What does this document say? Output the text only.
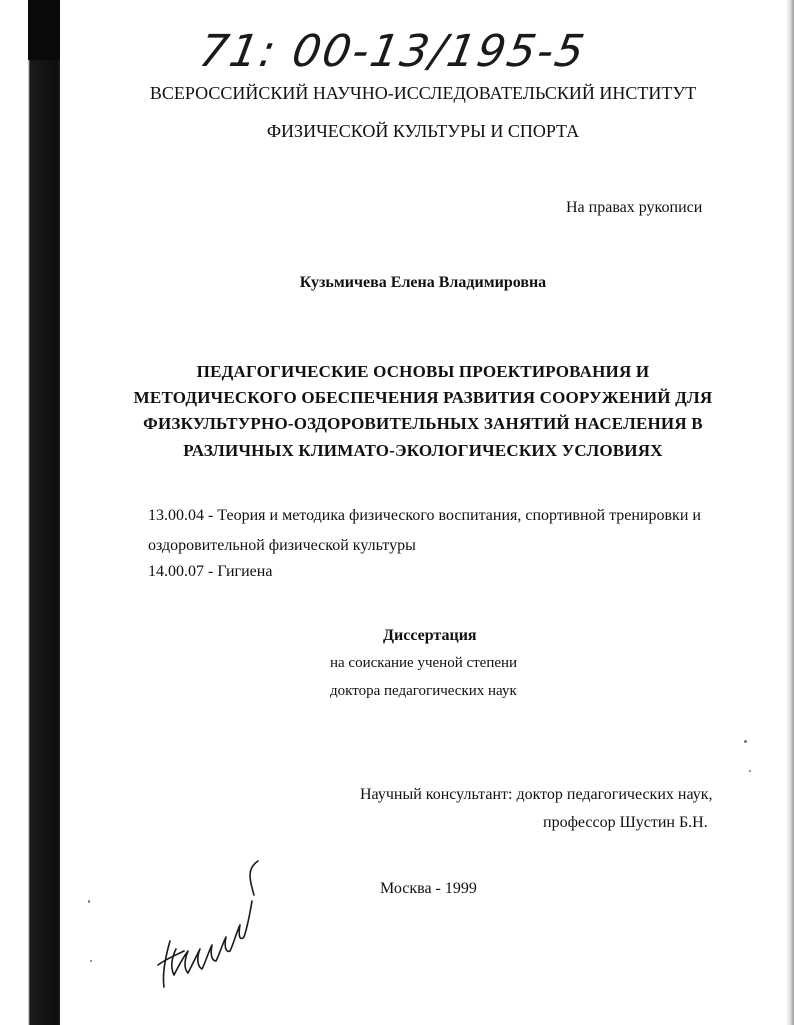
71: 00-13/195-5
ВСЕРОССИЙСКИЙ НАУЧНО-ИССЛЕДОВАТЕЛЬСКИЙ ИНСТИТУТ
ФИЗИЧЕСКОЙ КУЛЬТУРЫ И СПОРТА
На правах рукописи
Кузьмичева Елена Владимировна
ПЕДАГОГИЧЕСКИЕ ОСНОВЫ ПРОЕКТИРОВАНИЯ И
МЕТОДИЧЕСКОГО ОБЕСПЕЧЕНИЯ РАЗВИТИЯ СООРУЖЕНИЙ ДЛЯ
ФИЗКУЛЬТУРНО-ОЗДОРОВИТЕЛЬНЫХ ЗАНЯТИЙ НАСЕЛЕНИЯ В
РАЗЛИЧНЫХ КЛИМАТО-ЭКОЛОГИЧЕСКИХ УСЛОВИЯХ
13.00.04 - Теория и методика физического воспитания, спортивной тренировки и
оздоровительной физической культуры
14.00.07 - Гигиена
Диссертация
на соискание ученой степени
доктора педагогических наук
Научный консультант: доктор педагогических наук,
профессор Шустин Б.Н.
Москва - 1999
